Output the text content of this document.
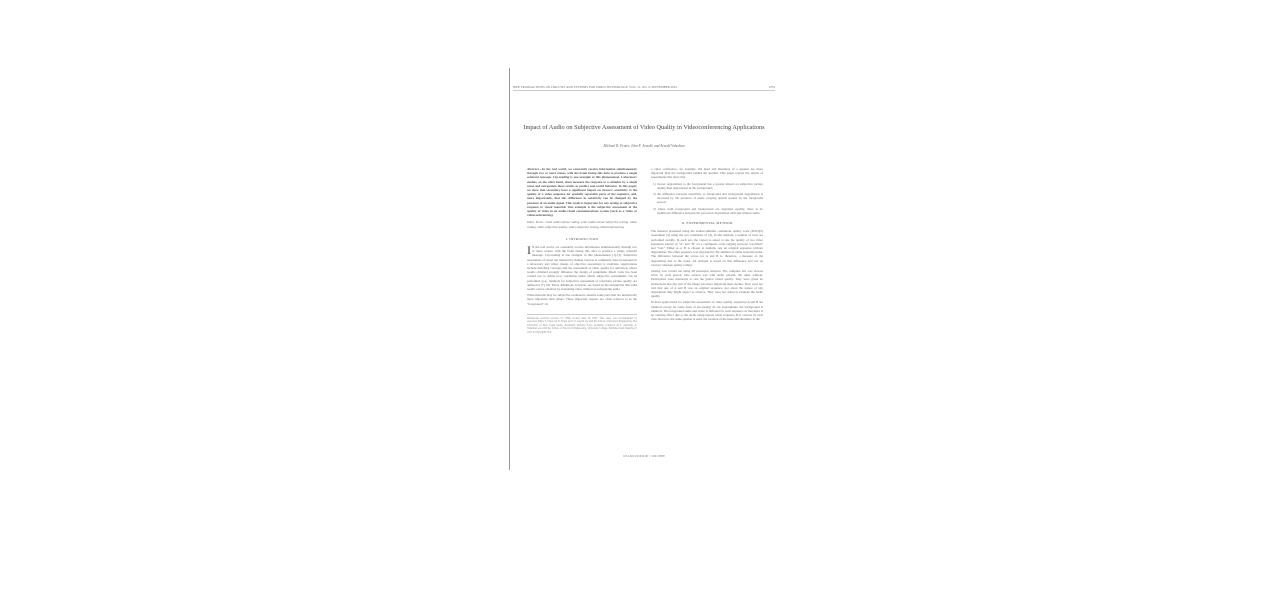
IEEE TRANSACTIONS ON CIRCUITS AND SYSTEMS FOR VIDEO TECHNOLOGY, VOL. 11, NO. 9, SEPTEMBER 2001	1079
Impact of Audio on Subjective Assessment of Video Quality in Videoconferencing Applications
Michael R. Frater, John F. Arnold, and Arnold Vahedian

Abstract—In the real world, we constantly receive information simultaneously through two or more senses, with the brain fusing this data to produce a single coherent message. Lip-reading is one example of this phenomenon. Laboratory studies, on the other hand, often measure the response to a stimulus by a single sense and extrapolate these results to predict real-world behavior. In this paper, we show that secondary have a significant impact on viewers' sensitivity to the quality of a video sequence for spatially separable parts of the sequence, and, more importantly, that this difference in sensitivity can be changed by the presence of an audio signal. This result is important for any testing of subjective response to visual material. One example is the subjective assessment of the quality of video in an audio-visual communications system (such as a video or videoconferencing).

Index Terms—Joint audio-visual coding, joint audio-visual subjective testing, video coding, video subjective quality, video subjective testing, videoconferencing.

I. INTRODUCTION

I N the real world, we constantly receive information simultaneously through two or more senses, with the brain fusing this data to produce a single coherent message. Lip-reading is one example of this phenomenon [1]–[3]. Subjective assessment of visual test material by human viewers is commonly done in isolation in a laboratory and where means of objective assessment is available. Applications include matching concepts and the assessment of video quality for television, where results obtained strongly influence the design of equipment. Much work has been carried out to define how conditions under which subjective assessments can be performed (e.g., methods for subjective assessment of television picture quality are defined in [7], [8]. These definitions, however, are based on the assumption that valid results can be obtained by evaluating video without accompanying audio.

When material may for subjective evaluation contains some parts that are intrinsically more important than others. These important regions are often referred to as the "foreground". In

Manuscript received October 31, 1999; revised June 30, 2001. This paper was recommended by Associate Editor T. Chen. M. R. Frater and J. F. Arnold are with the School of Electrical Engineering, The University of New South Wales, Australian Defence Force Academy, Canberra ACT, Australia. A. Vahedian was with the School of Electrical Engineering, University College. Publisher Item Identifier S 1051-8215(01)08173-4.

a video conference, for example, the head and shoulders of a speaker are more important than the background behind the speaker. This paper reports the results of experiments that show that

1) viewer degradation to the foreground has a greater impact on subjective picture quality than degradation in the background;

2) the difference between sensitivity to foreground and background degradation is increased by the presence of audio carrying speech spoken by the foreground person;

3) where both foreground and background are degraded equally, there is no significant difference between the perceived degradation with and without audio.

II. EXPERIMENTAL METHOD

The material presented using the double-stimulus continuous quality scale (DSCQS) assessment [4] using the test conditions of [4]. In this method, a number of tests are performed serially. In each test, the viewer is asked to rate the quality of two video sequences known as "A" and "B" on a continuous scale ranging between "excellent" and "bad." Either A or B is chosen at random, one an original sequence without degradation. The other sequence was degraded by the addition of white Gaussian noise. The difference between the scores for A and B is, therefore, a measure of the degradation due to the noise. All analysis is based on this difference and not on viewers' absolute quality ratings.

Testing was carried out using 48 nonexpert subjects. The complete test was viewed twice by each person. One session was with audio present, the other without. Participants were instructed to rate the global visual quality. They were given no instructions that any part of the image was more important than another. They were not told that one of A and B was an original sequence, nor about the nature of any degradation they might expect to observe. They were not asked to evaluate the audio quality.

In most applications for subjective assessment of video quality, sequences A and B are identical except for some form of processing. In our experiments, the background is identical. The foreground audio and video is different for each sequence so that there is no viewing effect due to the audio being known when sequence B is viewed. In each case, however, the same speaker is used, the location of the head and shoulders in the

1051-8215/01$10.00 © 2001 IEEE
